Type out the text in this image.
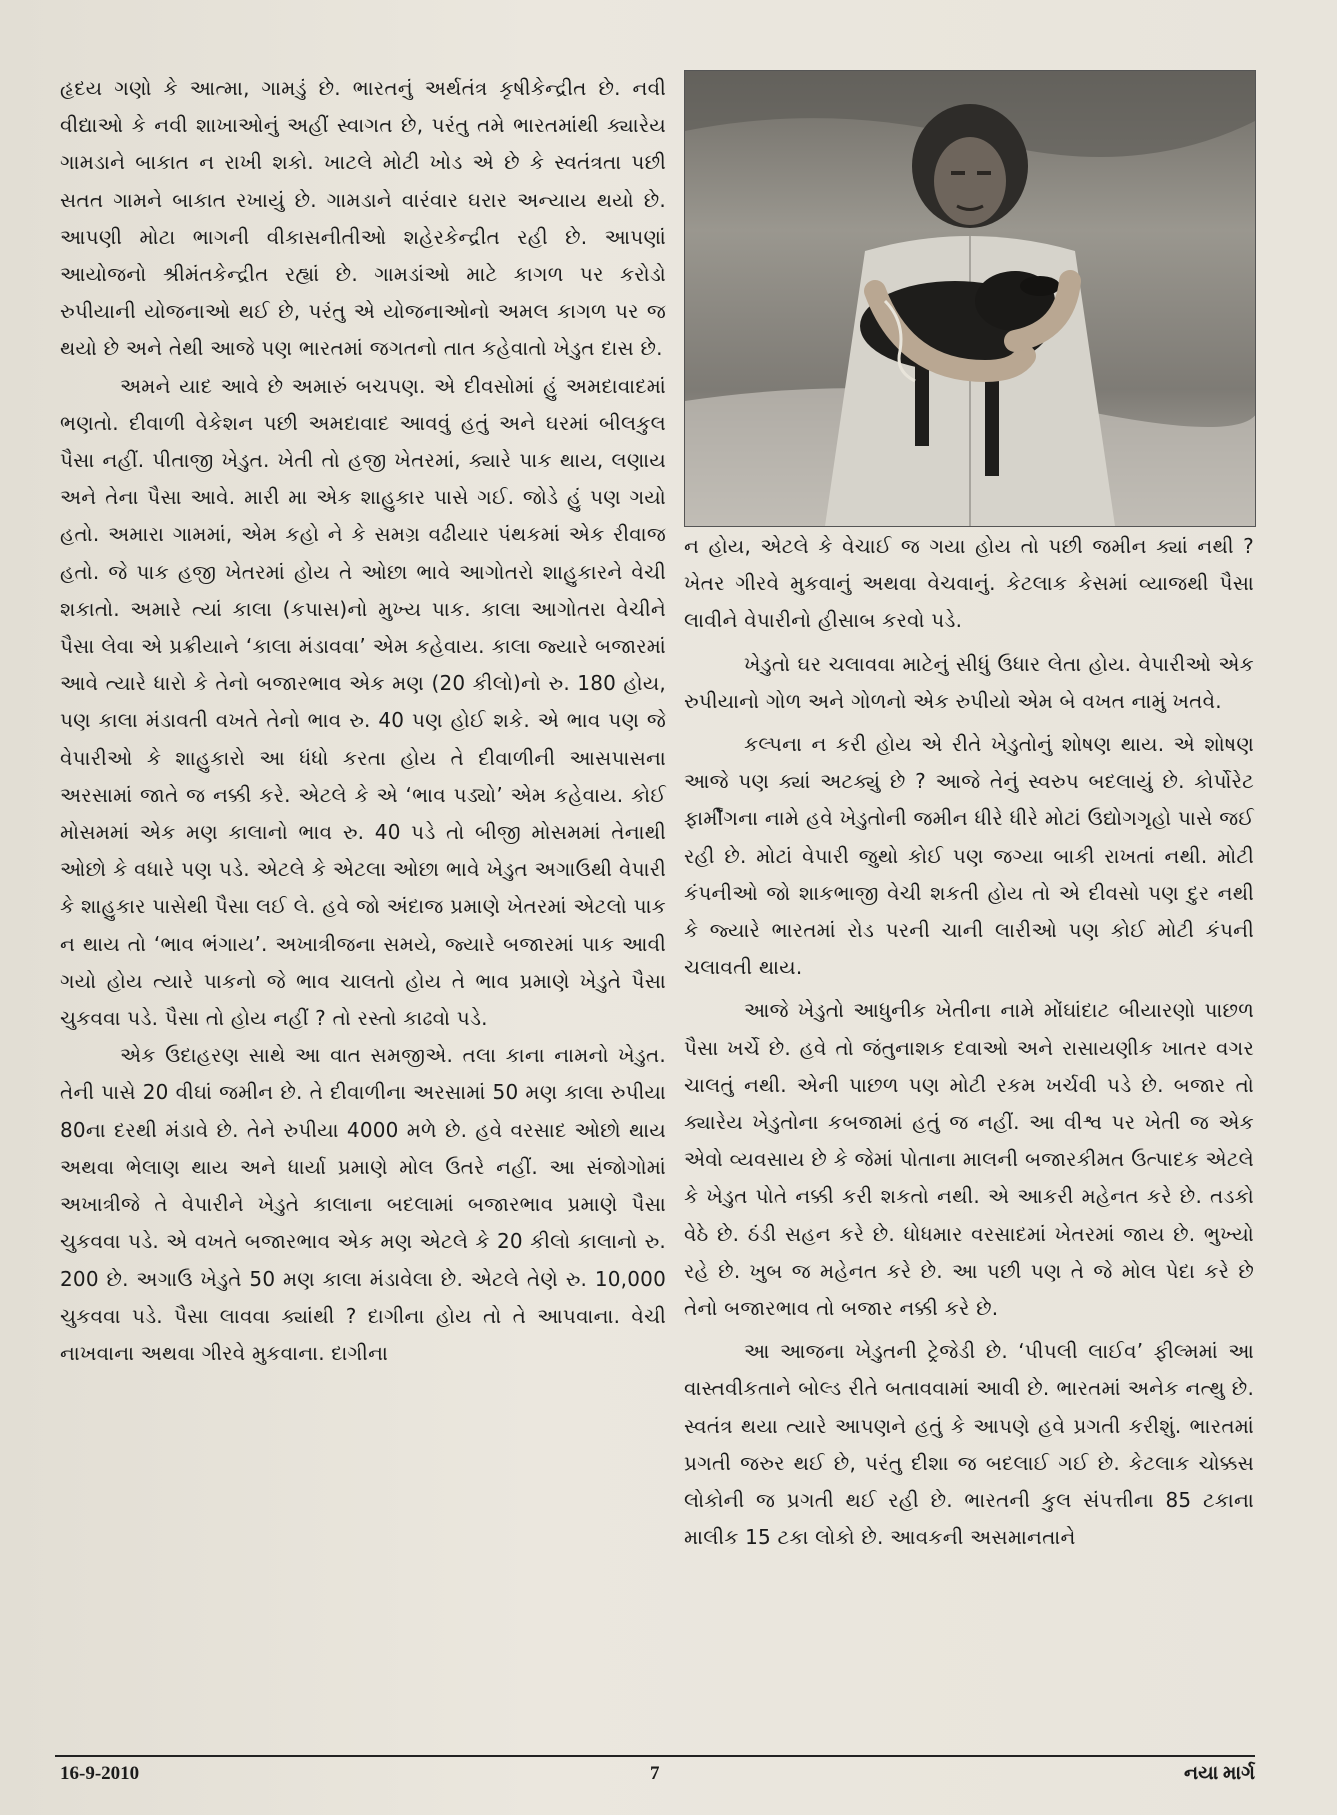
હૃદય ગણો કે આત્મા, ગામડું છે. ભારતનું અર્થતંત્ર કૃષીકેન્દ્રીત છે. નવી વીદ્યાઓ કે નવી શાખાઓનું અહીં સ્વાગત છે, પરંતુ તમે ભારતમાંથી ક્યારેય ગામડાને બાકાત ન રાખી શકો. ખાટલે મોટી ખોડ એ છે કે સ્વતંત્રતા પછી સતત ગામને બાકાત રખાયું છે. ગામડાને વારંવાર ઘરાર અન્યાય થયો છે. આપણી મોટા ભાગની વીકાસનીતીઓ શહેરકેન્દ્રીત રહી છે. આપણાં આયોજનો શ્રીમંતકેન્દ્રીત રહ્યાં છે. ગામડાંઓ માટે કાગળ પર કરોડો રુપીયાની યોજનાઓ થઈ છે, પરંતુ એ યોજનાઓનો અમલ કાગળ પર જ થયો છે અને તેથી આજે પણ ભારતમાં જગતનો તાત કહેવાતો ખેડુત દાસ છે.

અમને યાદ આવે છે અમારું બચપણ. એ દીવસોમાં હું અમદાવાદમાં ભણતો. દીવાળી વેકેશન પછી અમદાવાદ આવવું હતું અને ઘરમાં બીલકુલ પૈસા નહીં. પીતાજી ખેડુત. ખેતી તો હજી ખેતરમાં, ક્યારે પાક થાય, લણાય અને તેના પૈસા આવે. મારી મા એક શાહુકાર પાસે ગઈ. જોડે હું પણ ગયો હતો. અમારા ગામમાં, એમ કહો ને કે સમગ્ર વઢીયાર પંથકમાં એક રીવાજ હતો. જે પાક હજી ખેતરમાં હોય તે ઓછા ભાવે આગોતરો શાહુકારને વેચી શકાતો. અમારે ત્યાં કાલા (કપાસ)નો મુખ્ય પાક. કાલા આગોતરા વેચીને પૈસા લેવા એ પ્રક્રીયાને ‘કાલા મંડાવવા’ એમ કહેવાય. કાલા જ્યારે બજારમાં આવે ત્યારે ધારો કે તેનો બજારભાવ એક મણ (20 કીલો)નો રુ. 180 હોય, પણ કાલા મંડાવતી વખતે તેનો ભાવ રુ. 40 પણ હોઈ શકે. એ ભાવ પણ જે વેપારીઓ કે શાહુકારો આ ધંધો કરતા હોય તે દીવાળીની આસપાસના અરસામાં જાતે જ નક્કી કરે. એટલે કે એ ‘ભાવ પડ્યો’ એમ કહેવાય. કોઈ મોસમમાં એક મણ કાલાનો ભાવ રુ. 40 પડે તો બીજી મોસમમાં તેનાથી ઓછો કે વધારે પણ પડે. એટલે કે એટલા ઓછા ભાવે ખેડુત અગાઉથી વેપારી કે શાહુકાર પાસેથી પૈસા લઈ લે. હવે જો અંદાજ પ્રમાણે ખેતરમાં એટલો પાક ન થાય તો ‘ભાવ ભંગાય’. અખાત્રીજના સમયે, જ્યારે બજારમાં પાક આવી ગયો હોય ત્યારે પાકનો જે ભાવ ચાલતો હોય તે ભાવ પ્રમાણે ખેડુતે પૈસા ચુકવવા પડે. પૈસા તો હોય નહીં ? તો રસ્તો કાઢવો પડે.

એક ઉદાહરણ સાથે આ વાત સમજીએ. તલા કાના નામનો ખેડુત. તેની પાસે 20 વીઘાં જમીન છે. તે દીવાળીના અરસામાં 50 મણ કાલા રુપીયા 80ના દરથી મંડાવે છે. તેને રુપીયા 4000 મળે છે. હવે વરસાદ ઓછો થાય અથવા ભેલાણ થાય અને ધાર્યા પ્રમાણે મોલ ઉતરે નહીં. આ સંજોગોમાં અખાત્રીજે તે વેપારીને ખેડુતે કાલાના બદલામાં બજારભાવ પ્રમાણે પૈસા ચુકવવા પડે. એ વખતે બજારભાવ એક મણ એટલે કે 20 કીલો કાલાનો રુ. 200 છે. અગાઉ ખેડુતે 50 મણ કાલા મંડાવેલા છે. એટલે તેણે રુ. 10,000 ચુકવવા પડે. પૈસા લાવવા ક્યાંથી ? દાગીના હોય તો તે આપવાના. વેચી નાખવાના અથવા ગીરવે મુકવાના. દાગીના

ન હોય, એટલે કે વેચાઈ જ ગયા હોય તો પછી જમીન ક્યાં નથી ? ખેતર ગીરવે મુકવાનું અથવા વેચવાનું. કેટલાક કેસમાં વ્યાજથી પૈસા લાવીને વેપારીનો હીસાબ કરવો પડે.

ખેડુતો ઘર ચલાવવા માટેનું સીધું ઉધાર લેતા હોય. વેપારીઓ એક રુપીયાનો ગોળ અને ગોળનો એક રુપીયો એમ બે વખત નામું ખતવે.

કલ્પના ન કરી હોય એ રીતે ખેડુતોનું શોષણ થાય. એ શોષણ આજે પણ ક્યાં અટક્યું છે ? આજે તેનું સ્વરુપ બદલાયું છે. કોર્પોરેટ ફાર્મીંગના નામે હવે ખેડુતોની જમીન ધીરે ધીરે મોટાં ઉદ્યોગગૃહો પાસે જઈ રહી છે. મોટાં વેપારી જુથો કોઈ પણ જગ્યા બાકી રાખતાં નથી. મોટી કંપનીઓ જો શાકભાજી વેચી શકતી હોય તો એ દીવસો પણ દુર નથી કે જ્યારે ભારતમાં રોડ પરની ચાની લારીઓ પણ કોઈ મોટી કંપની ચલાવતી થાય.

આજે ખેડુતો આધુનીક ખેતીના નામે મોંઘાંદાટ બીયારણો પાછળ પૈસા ખર્ચે છે. હવે તો જંતુનાશક દવાઓ અને રાસાયણીક ખાતર વગર ચાલતું નથી. એની પાછળ પણ મોટી રકમ ખર્ચવી પડે છે. બજાર તો ક્યારેય ખેડુતોના કબજામાં હતું જ નહીં. આ વીશ્વ પર ખેતી જ એક એવો વ્યવસાય છે કે જેમાં પોતાના માલની બજારકીમત ઉત્પાદક એટલે કે ખેડુત પોતે નક્કી કરી શકતો નથી. એ આકરી મહેનત કરે છે. તડકો વેઠે છે. ઠંડી સહન કરે છે. ધોધમાર વરસાદમાં ખેતરમાં જાય છે. ભુખ્યો રહે છે. ખુબ જ મહેનત કરે છે. આ પછી પણ તે જે મોલ પેદા કરે છે તેનો બજારભાવ તો બજાર નક્કી કરે છે.

આ આજના ખેડુતની ટ્રેજેડી છે. ‘પીપલી લાઈવ’ ફીલ્મમાં આ વાસ્તવીકતાને બોલ્ડ રીતે બતાવવામાં આવી છે. ભારતમાં અનેક નત્થુ છે. સ્વતંત્ર થયા ત્યારે આપણને હતું કે આપણે હવે પ્રગતી કરીશું. ભારતમાં પ્રગતી જરુર થઈ છે, પરંતુ દીશા જ બદલાઈ ગઈ છે. કેટલાક ચોક્કસ લોકોની જ પ્રગતી થઈ રહી છે. ભારતની કુલ સંપત્તીના 85 ટકાના માલીક 15 ટકા લોકો છે. આવકની અસમાનતાને

16-9-2010	7	નયા માર્ગ
